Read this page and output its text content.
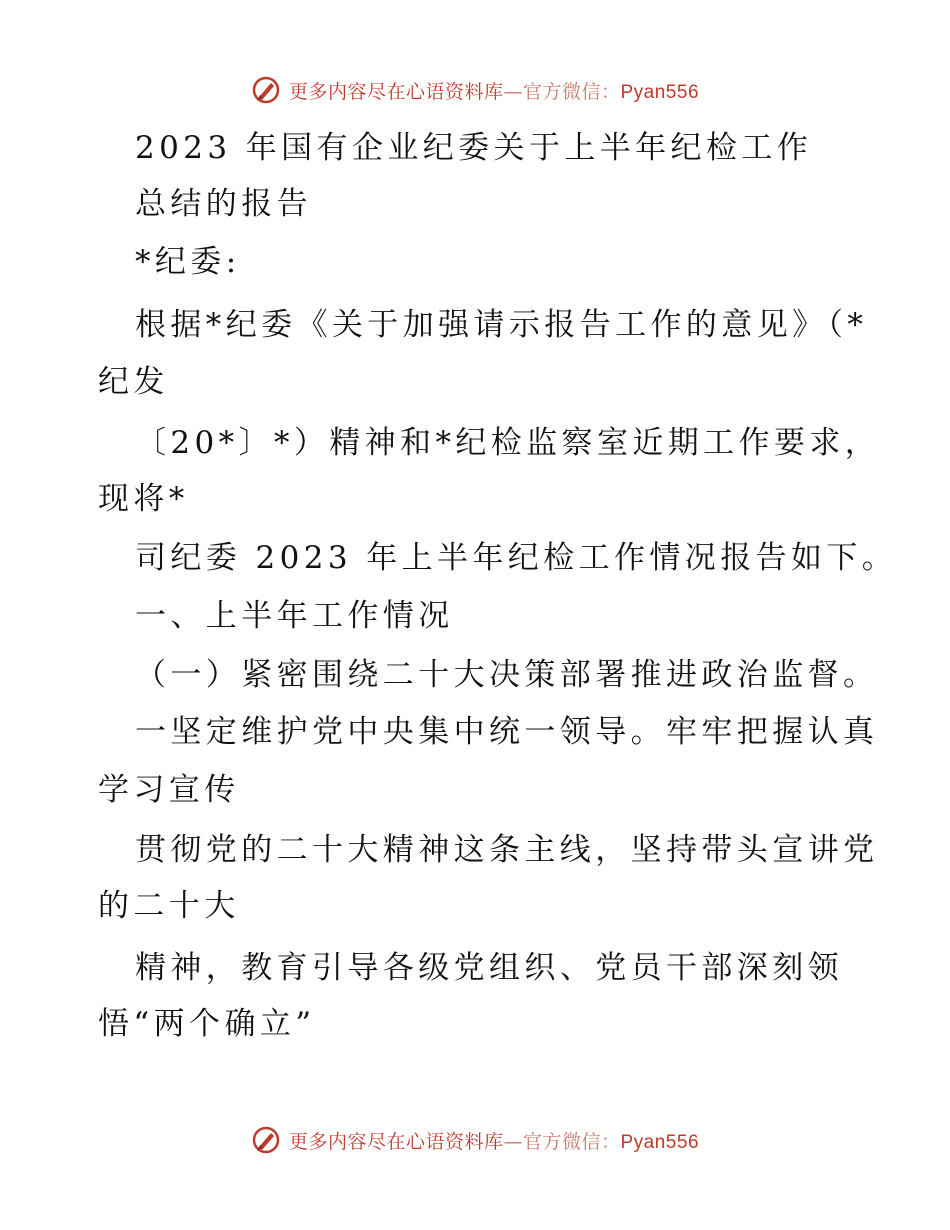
更多内容尽在心语资料库—官方微信：Pyan556
2023 年国有企业纪委关于上半年纪检工作
总结的报告
*纪委:
根据*纪委《关于加强请示报告工作的意见》（*
纪发
〔20*〕*）精神和*纪检监察室近期工作要求，
现将*
司纪委 2023 年上半年纪检工作情况报告如下。
一、上半年工作情况
（一）紧密围绕二十大决策部署推进政治监督。
一坚定维护党中央集中统一领导。牢牢把握认真
学习宣传
贯彻党的二十大精神这条主线，坚持带头宣讲党
的二十大
精神，教育引导各级党组织、党员干部深刻领
悟“两个确立”
更多内容尽在心语资料库—官方微信：Pyan556
